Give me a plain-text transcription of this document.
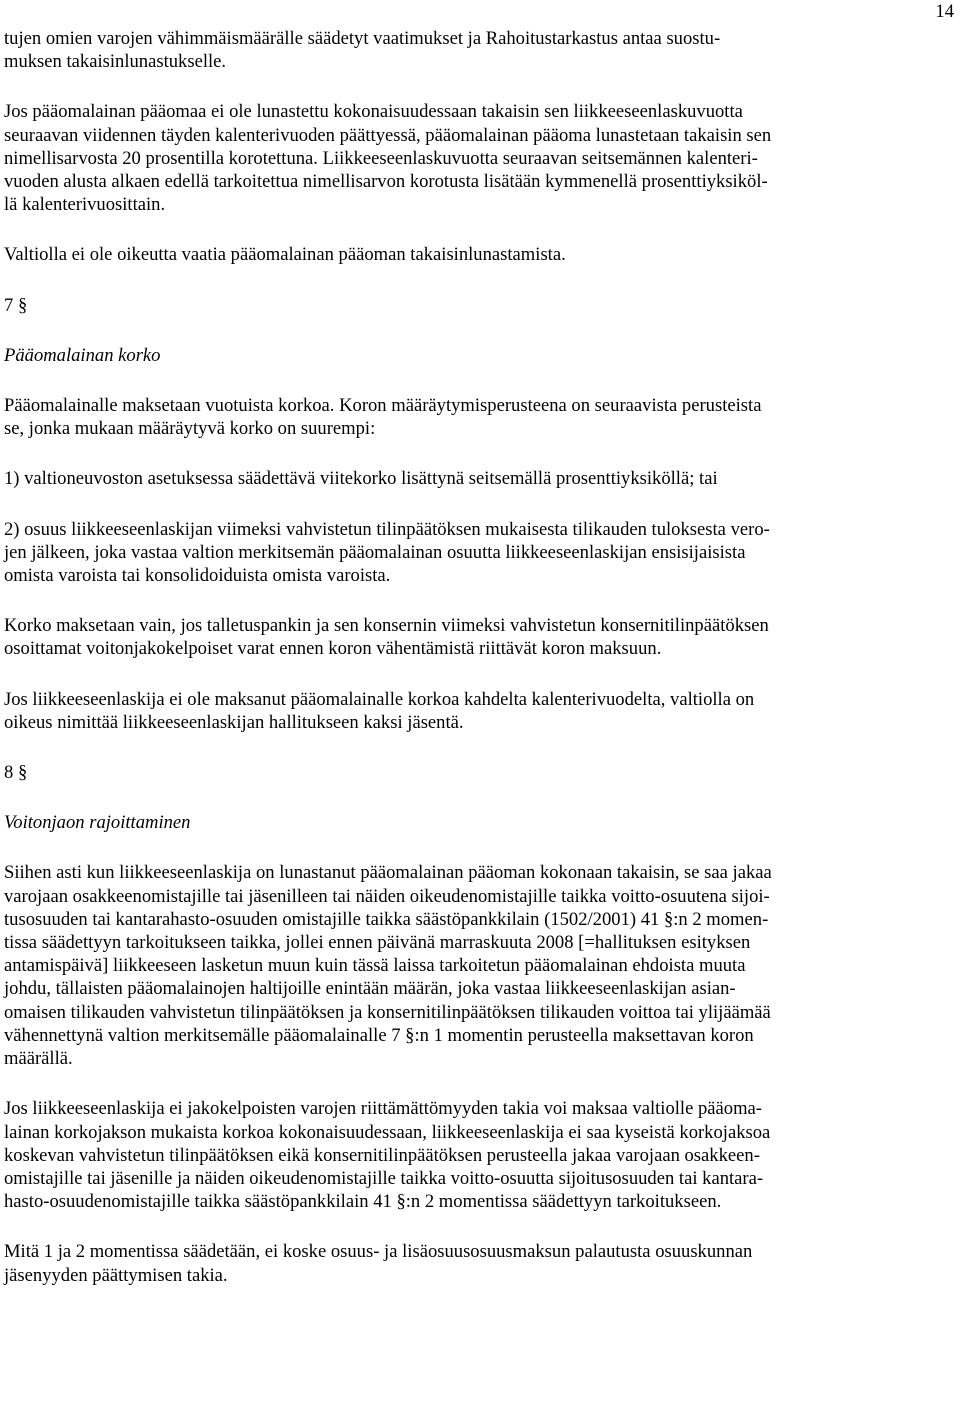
14

tujen omien varojen vähimmäismäärälle säädetyt vaatimukset ja Rahoitustarkastus antaa suostu-
muksen takaisinlunastukselle.

Jos pääomalainan pääomaa ei ole lunastettu kokonaisuudessaan takaisin sen liikkeeseenlaskuvuotta
seuraavan viidennen täyden kalenterivuoden päättyessä, pääomalainan pääoma lunastetaan takaisin sen
nimellisarvosta 20 prosentilla korotettuna. Liikkeeseenlaskuvuotta seuraavan seitsemännen kalenteri-
vuoden alusta alkaen edellä tarkoitettua nimellisarvon korotusta lisätään kymmenellä prosenttiyksiköl-
lä kalenterivuosittain.

Valtiolla ei ole oikeutta vaatia pääomalainan pääoman takaisinlunastamista.

7 §

Pääomalainan korko

Pääomalainalle maksetaan vuotuista korkoa. Koron määräytymisperusteena on seuraavista perusteista
se, jonka mukaan määräytyvä korko on suurempi:

1) valtioneuvoston asetuksessa säädettävä viitekorko lisättynä seitsemällä prosenttiyksiköllä; tai

2) osuus liikkeeseenlaskijan viimeksi vahvistetun tilinpäätöksen mukaisesta tilikauden tuloksesta vero-
jen jälkeen, joka vastaa valtion merkitsemän pääomalainan osuutta liikkeeseenlaskijan ensisijaisista
omista varoista tai konsolidoiduista omista varoista.

Korko maksetaan vain, jos talletuspankin ja sen konsernin viimeksi vahvistetun konsernitilinpäätöksen
osoittamat voitonjakokelpoiset varat ennen koron vähentämistä riittävät koron maksuun.

Jos liikkeeseenlaskija ei ole maksanut pääomalainalle korkoa kahdelta kalenterivuodelta, valtiolla on
oikeus nimittää liikkeeseenlaskijan hallitukseen kaksi jäsentä.

8 §

Voitonjaon rajoittaminen

Siihen asti kun liikkeeseenlaskija on lunastanut pääomalainan pääoman kokonaan takaisin, se saa jakaa
varojaan osakkeenomistajille tai jäsenilleen tai näiden oikeudenomistajille taikka voitto-osuutena sijoi-
tusosuuden tai kantarahasto-osuuden omistajille taikka säästöpankkilain (1502/2001) 41 §:n 2 momen-
tissa säädettyyn tarkoitukseen taikka, jollei ennen päivänä marraskuuta 2008 [=hallituksen esityksen
antamispäivä] liikkeeseen lasketun muun kuin tässä laissa tarkoitetun pääomalainan ehdoista muuta
johdu, tällaisten pääomalainojen haltijoille enintään määrän, joka vastaa liikkeeseenlaskijan asian-
omaisen tilikauden vahvistetun tilinpäätöksen ja konsernitilinpäätöksen tilikauden voittoa tai ylijäämää
vähennettynä valtion merkitsemälle pääomalainalle 7 §:n 1 momentin perusteella maksettavan koron
määrällä.

Jos liikkeeseenlaskija ei jakokelpoisten varojen riittämättömyyden takia voi maksaa valtiolle pääoma-
lainan korkojakson mukaista korkoa kokonaisuudessaan, liikkeeseenlaskija ei saa kyseistä korkojaksoa
koskevan vahvistetun tilinpäätöksen eikä konsernitilinpäätöksen perusteella jakaa varojaan osakkeen-
omistajille tai jäsenille ja näiden oikeudenomistajille taikka voitto-osuutta sijoitusosuuden tai kantara-
hasto-osuudenomistajille taikka säästöpankkilain 41 §:n 2 momentissa säädettyyn tarkoitukseen.

Mitä 1 ja 2 momentissa säädetään, ei koske osuus- ja lisäosuusosuusmaksun palautusta osuuskunnan
jäsenyyden päättymisen takia.
